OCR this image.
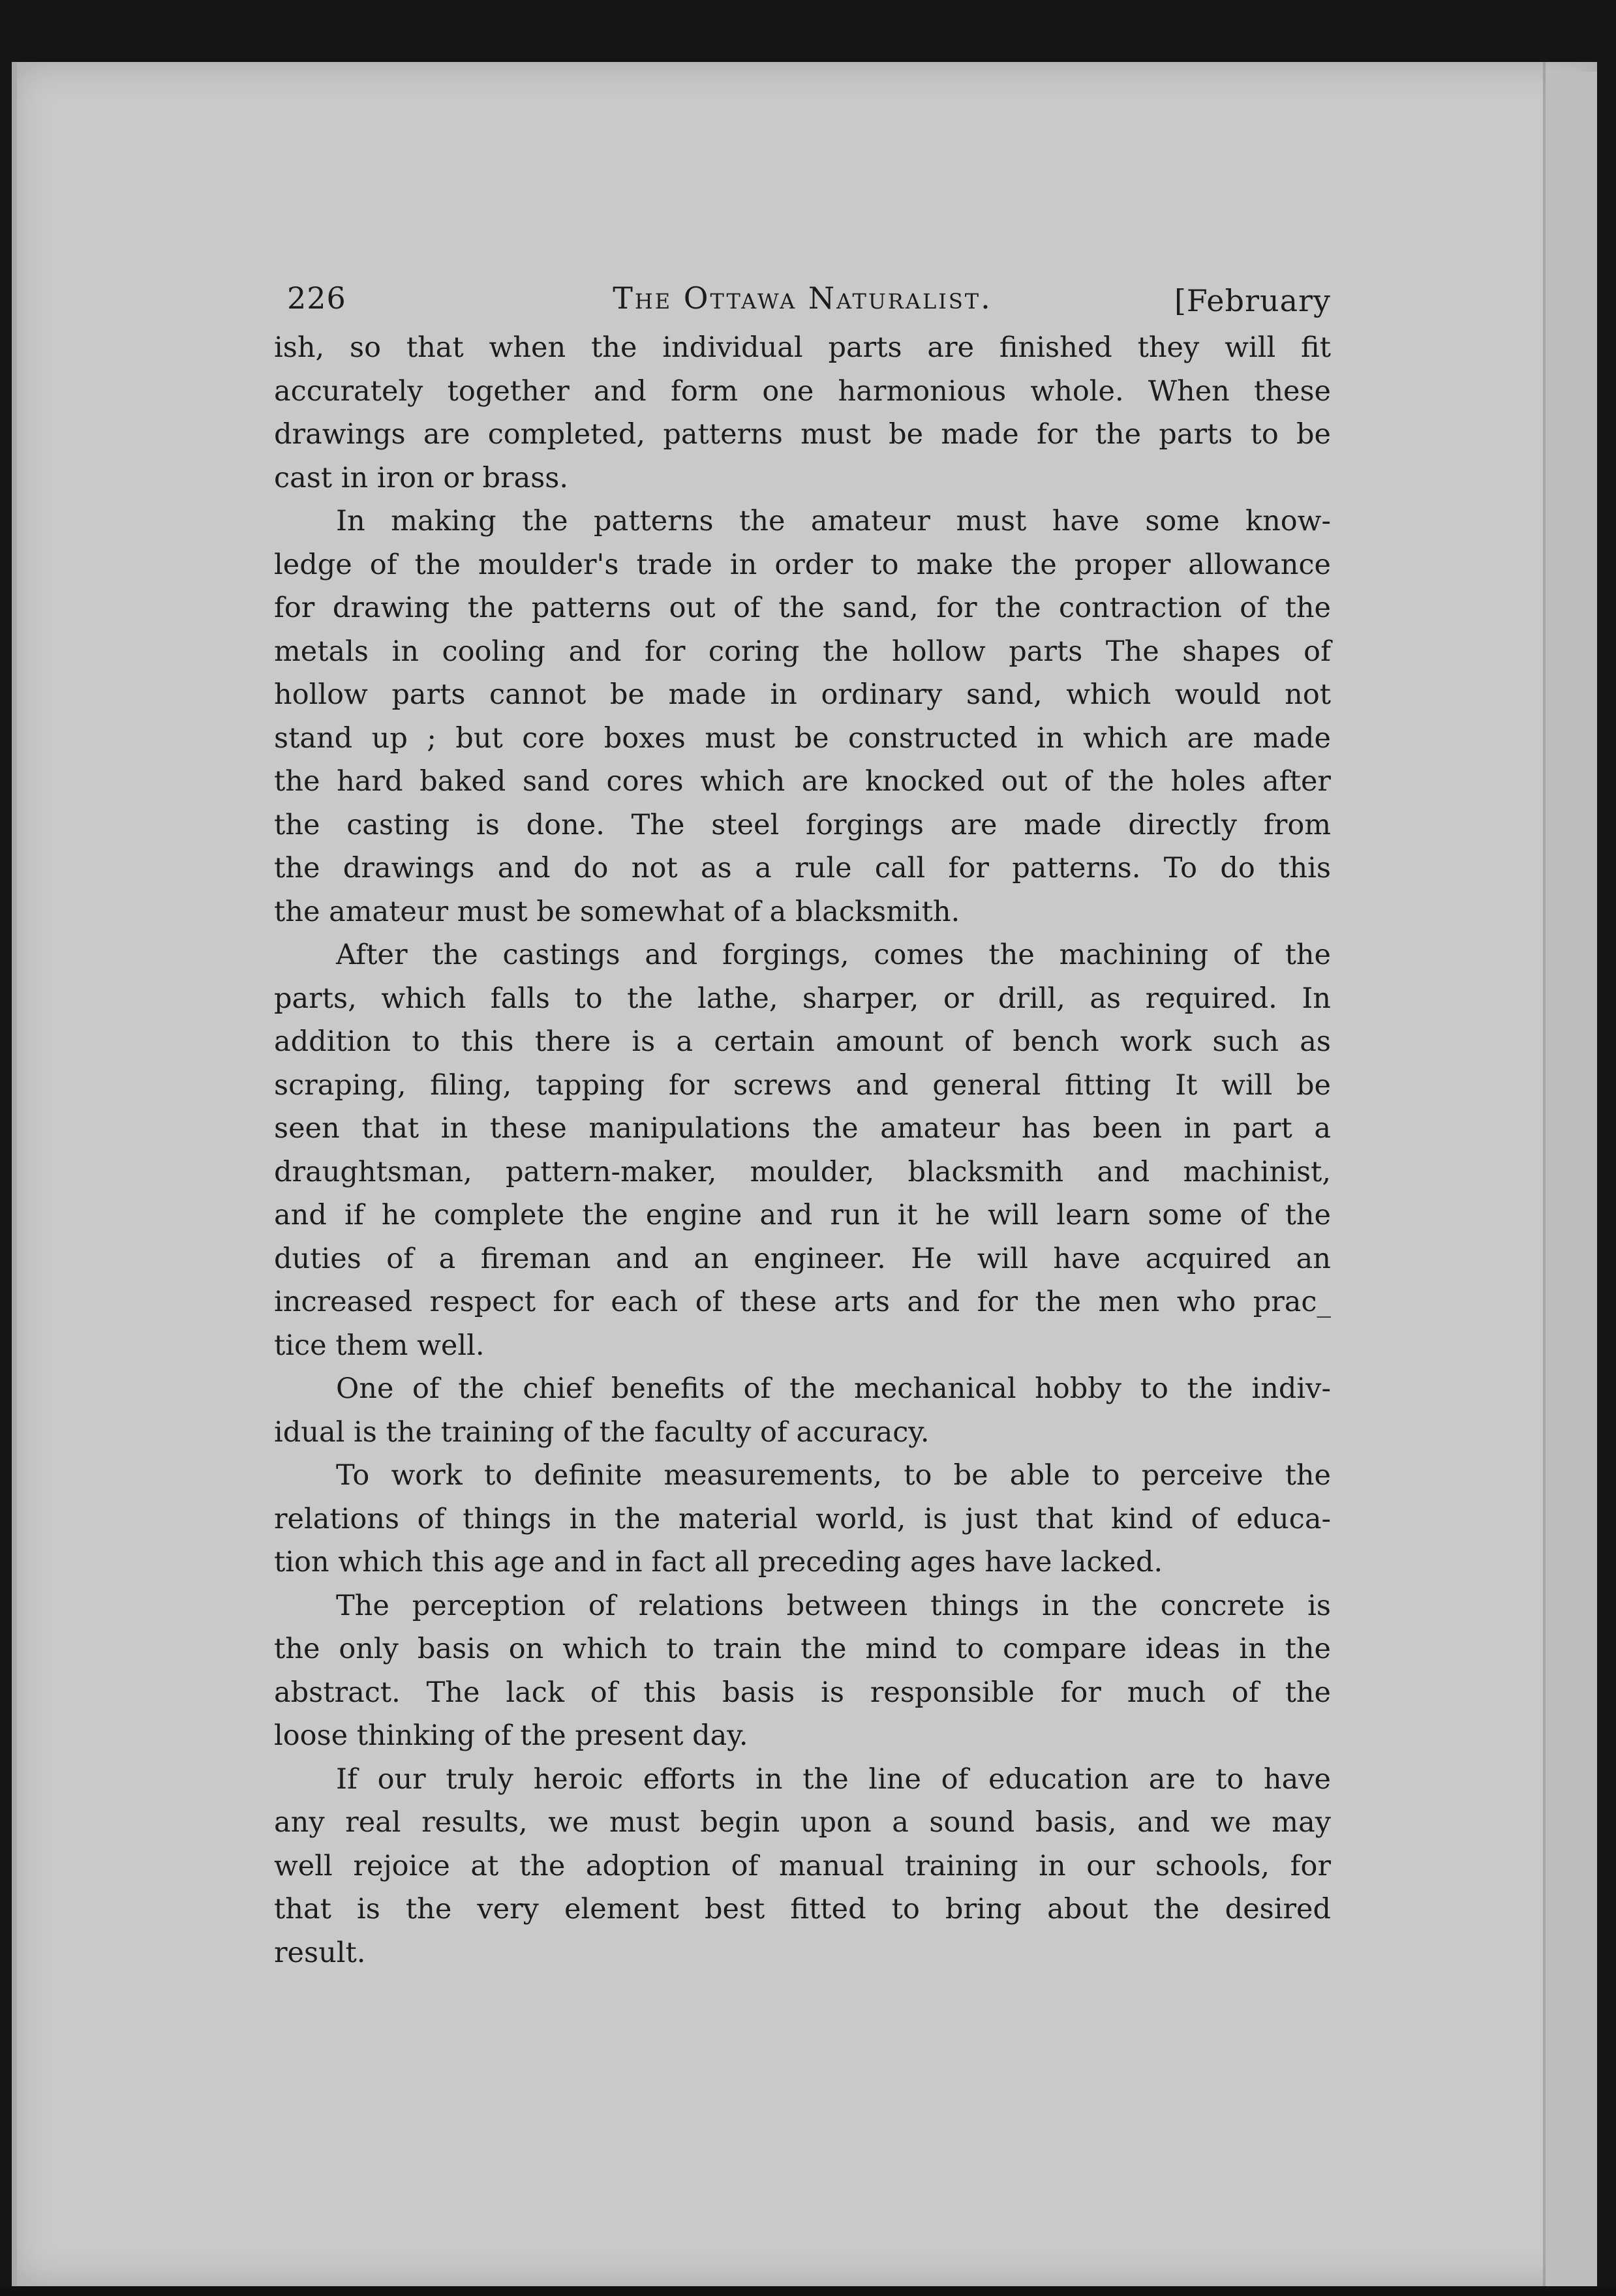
226	The Ottawa Naturalist.	[February

ish, so that when the individual parts are finished they will fit
accurately together and form one harmonious whole. When these
drawings are completed, patterns must be made for the parts to be
cast in iron or brass.

In making the patterns the amateur must have some know-
ledge of the moulder's trade in order to make the proper allowance
for drawing the patterns out of the sand, for the contraction of the
metals in cooling and for coring the hollow parts The shapes of
hollow parts cannot be made in ordinary sand, which would not
stand up ; but core boxes must be constructed in which are made
the hard baked sand cores which are knocked out of the holes after
the casting is done. The steel forgings are made directly from
the drawings and do not as a rule call for patterns. To do this
the amateur must be somewhat of a blacksmith.

After the castings and forgings, comes the machining of the
parts, which falls to the lathe, sharper, or drill, as required. In
addition to this there is a certain amount of bench work such as
scraping, filing, tapping for screws and general fitting It will be
seen that in these manipulations the amateur has been in part a
draughtsman, pattern-maker, moulder, blacksmith and machinist,
and if he complete the engine and run it he will learn some of the
duties of a fireman and an engineer. He will have acquired an
increased respect for each of these arts and for the men who prac_
tice them well.

One of the chief benefits of the mechanical hobby to the indiv-
idual is the training of the faculty of accuracy.

To work to definite measurements, to be able to perceive the
relations of things in the material world, is just that kind of educa-
tion which this age and in fact all preceding ages have lacked.

The perception of relations between things in the concrete is
the only basis on which to train the mind to compare ideas in the
abstract. The lack of this basis is responsible for much of the
loose thinking of the present day.

If our truly heroic efforts in the line of education are to have
any real results, we must begin upon a sound basis, and we may
well rejoice at the adoption of manual training in our schools, for
that is the very element best fitted to bring about the desired
result.
